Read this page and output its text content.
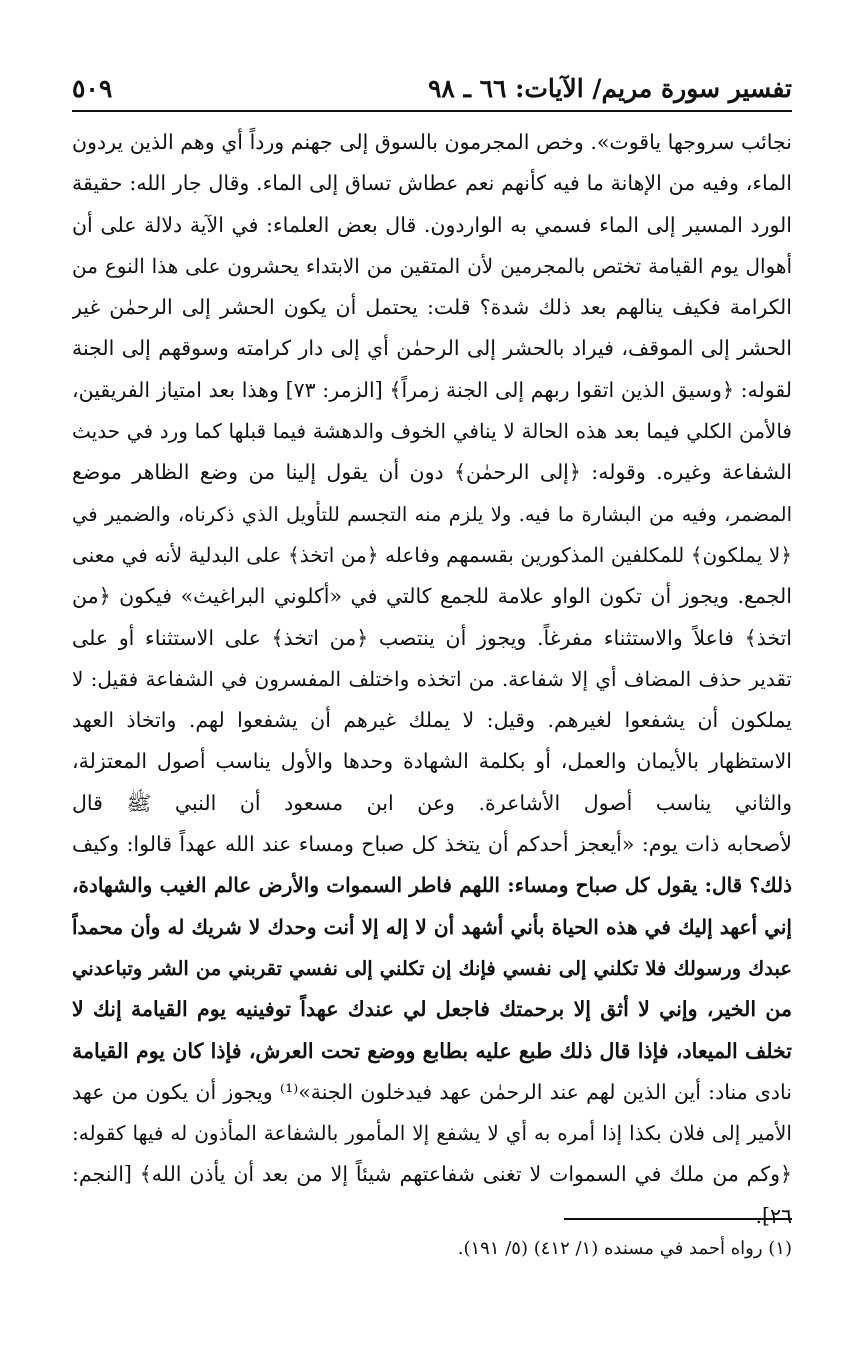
تفسير سورة مريم/ الآيات: ٦٦ ـ ٩٨
٥٠٩
نجائب سروجها ياقوت». وخص المجرمون بالسوق إلى جهنم ورداً أي وهم الذين يردون
الماء، وفيه من الإهانة ما فيه كأنهم نعم عطاش تساق إلى الماء. وقال جار الله: حقيقة
الورد المسير إلى الماء فسمي به الواردون. قال بعض العلماء: في الآية دلالة على أن
أهوال يوم القيامة تختص بالمجرمين لأن المتقين من الابتداء يحشرون على هذا النوع من
الكرامة فكيف ينالهم بعد ذلك شدة؟ قلت: يحتمل أن يكون الحشر إلى الرحمٰن غير
الحشر إلى الموقف، فيراد بالحشر إلى الرحمٰن أي إلى دار كرامته وسوقهم إلى الجنة
لقوله: ﴿وسيق الذين اتقوا ربهم إلى الجنة زمراً﴾ [الزمر: ٧٣] وهذا بعد امتياز الفريقين،
فالأمن الكلي فيما بعد هذه الحالة لا ينافي الخوف والدهشة فيما قبلها كما ورد في حديث
الشفاعة وغيره. وقوله: ﴿إلى الرحمٰن﴾ دون أن يقول إلينا من وضع الظاهر موضع
المضمر، وفيه من البشارة ما فيه. ولا يلزم منه التجسم للتأويل الذي ذكرناه، والضمير في
﴿لا يملكون﴾ للمكلفين المذكورين بقسمهم وفاعله ﴿من اتخذ﴾ على البدلية لأنه في معنى
الجمع. ويجوز أن تكون الواو علامة للجمع كالتي في «أكلوني البراغيث» فيكون ﴿من
اتخذ﴾ فاعلاً والاستثناء مفرغاً. ويجوز أن ينتصب ﴿من اتخذ﴾ على الاستثناء أو على
تقدير حذف المضاف أي إلا شفاعة. من اتخذه واختلف المفسرون في الشفاعة فقيل: لا
يملكون أن يشفعوا لغيرهم. وقيل: لا يملك غيرهم أن يشفعوا لهم. واتخاذ العهد
الاستظهار بالأيمان والعمل، أو بكلمة الشهادة وحدها والأول يناسب أصول المعتزلة،
والثاني يناسب أصول الأشاعرة. وعن ابن مسعود أن النبي ﷺ قال
لأصحابه ذات يوم: «أيعجز أحدكم أن يتخذ كل صباح ومساء عند الله عهداً قالوا: وكيف
ذلك؟ قال: يقول كل صباح ومساء: اللهم فاطر السموات والأرض عالم الغيب والشهادة،
إني أعهد إليك في هذه الحياة بأني أشهد أن لا إله إلا أنت وحدك لا شريك له وأن محمداً
عبدك ورسولك فلا تكلني إلى نفسي فإنك إن تكلني إلى نفسي تقربني من الشر وتباعدني
من الخير، وإني لا أثق إلا برحمتك فاجعل لي عندك عهداً توفينيه يوم القيامة إنك لا
تخلف الميعاد، فإذا قال ذلك طبع عليه بطابع ووضع تحت العرش، فإذا كان يوم القيامة
نادى مناد: أين الذين لهم عند الرحمٰن عهد فيدخلون الجنة»⁽¹⁾ ويجوز أن يكون من عهد
الأمير إلى فلان بكذا إذا أمره به أي لا يشفع إلا المأمور بالشفاعة المأذون له فيها كقوله:
﴿وكم من ملك في السموات لا تغنى شفاعتهم شيئاً إلا من بعد أن يأذن الله﴾ [النجم:
٢٦].
(١) رواه أحمد في مسنده (١/ ٤١٢) (٥/ ١٩١).
